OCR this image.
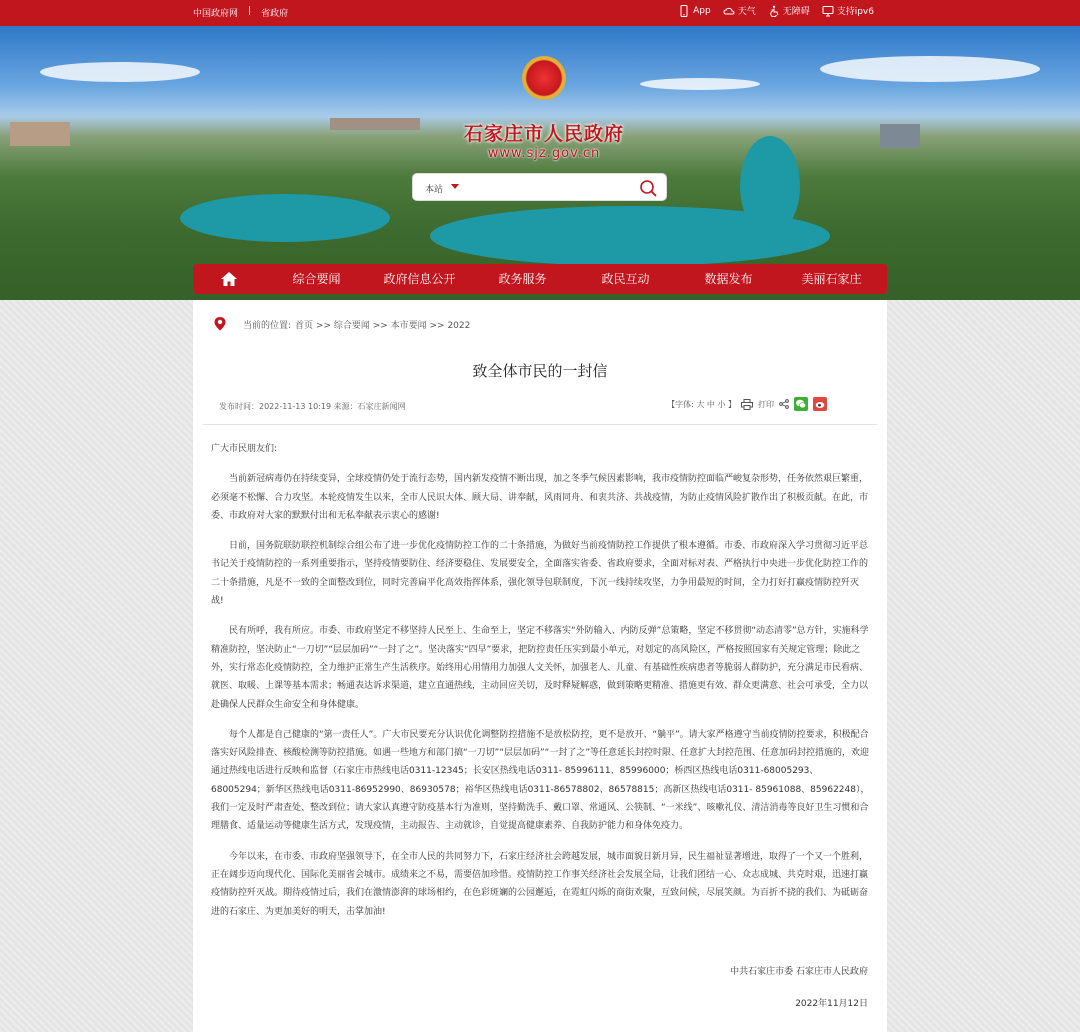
中国政府网 | 省政府	App	天气	无障碍	支持ipv6
石家庄市人民政府
www.sjz.gov.cn
本站
综合要闻	政府信息公开	政务服务	政民互动	数据发布	美丽石家庄
当前的位置: 首页 >> 综合要闻 >> 本市要闻 >> 2022
致全体市民的一封信
发布时间：2022-11-13 10:19 来源：石家庄新闻网	【字体: 大 中 小 】	打印

广大市民朋友们:

当前新冠病毒仍在持续变异，全球疫情仍处于流行态势，国内新发疫情不断出现，加之冬季气候因素影响，我市疫情防控面临严峻复杂形势，任务依然艰巨繁重，必须毫不松懈、合力攻坚。本轮疫情发生以来，全市人民识大体、顾大局、讲奉献，风雨同舟、和衷共济、共战疫情，为防止疫情风险扩散作出了积极贡献。在此，市委、市政府对大家的默默付出和无私奉献表示衷心的感谢!

日前，国务院联防联控机制综合组公布了进一步优化疫情防控工作的二十条措施，为做好当前疫情防控工作提供了根本遵循。市委、市政府深入学习贯彻习近平总书记关于疫情防控的一系列重要指示，坚持疫情要防住、经济要稳住、发展要安全，全面落实省委、省政府要求，全面对标对表、严格执行中央进一步优化防控工作的二十条措施，凡是不一致的全面整改到位，同时完善扁平化高效指挥体系，强化领导包联制度，下沉一线持续攻坚，力争用最短的时间，全力打好打赢疫情防控歼灭战!

民有所呼，我有所应。市委、市政府坚定不移坚持人民至上、生命至上，坚定不移落实“外防输入、内防反弹”总策略，坚定不移贯彻“动态清零”总方针，实施科学精准防控，坚决防止“一刀切”“层层加码”“一封了之”。坚决落实“四早”要求，把防控责任压实到最小单元，对划定的高风险区，严格按照国家有关规定管理；除此之外，实行常态化疫情防控，全力维护正常生产生活秩序。始终用心用情用力加强人文关怀，加强老人、儿童、有基础性疾病患者等脆弱人群防护，充分满足市民看病、就医、取暖、上课等基本需求；畅通表达诉求渠道，建立直通热线，主动回应关切，及时释疑解惑，做到策略更精准、措施更有效、群众更满意、社会可承受，全力以赴确保人民群众生命安全和身体健康。

每个人都是自己健康的“第一责任人”。广大市民要充分认识优化调整防控措施不是放松防控，更不是放开、“躺平”。请大家严格遵守当前疫情防控要求，积极配合落实好风险排查、核酸检测等防控措施。如遇一些地方和部门搞“一刀切”“层层加码”“一封了之”等任意延长封控时限、任意扩大封控范围、任意加码封控措施的，欢迎通过热线电话进行反映和监督（石家庄市热线电话0311-12345；长安区热线电话0311- 85996111、85996000；桥西区热线电话0311-68005293、68005294；新华区热线电话0311-86952990、86930578；裕华区热线电话0311-86578802、86578815；高新区热线电话0311- 85961088、85962248），我们一定及时严肃查处、整改到位；请大家认真遵守防疫基本行为准则，坚持勤洗手、戴口罩、常通风、公筷制、“一米线”、咳嗽礼仪、清洁消毒等良好卫生习惯和合理膳食、适量运动等健康生活方式，发现疫情，主动报告、主动就诊，自觉提高健康素养、自我防护能力和身体免疫力。

今年以来，在市委、市政府坚强领导下，在全市人民的共同努力下，石家庄经济社会跨越发展，城市面貌日新月异，民生福祉显著增进，取得了一个又一个胜利，正在阔步迈向现代化、国际化美丽省会城市。成绩来之不易，需要倍加珍惜。疫情防控工作事关经济社会发展全局，让我们团结一心、众志成城、共克时艰，迅速打赢疫情防控歼灭战。期待疫情过后，我们在激情澎湃的球场相约，在色彩斑斓的公园邂逅，在霓虹闪烁的商街欢聚，互致问候，尽展笑颜。为百折不挠的我们、为砥砺奋进的石家庄、为更加美好的明天，击掌加油!

中共石家庄市委 石家庄市人民政府
2022年11月12日
